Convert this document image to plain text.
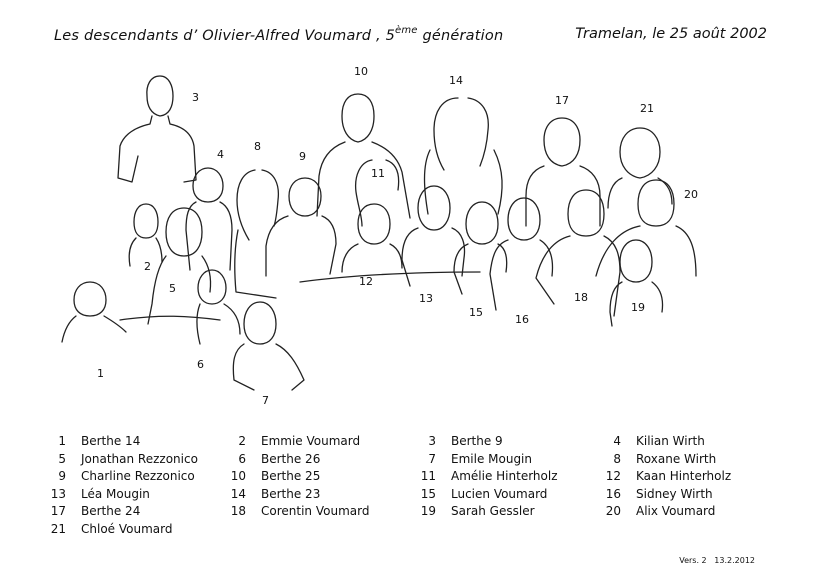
Les descendants d’ Olivier-Alfred Voumard , 5ème génération	Tramelan, le 25 août 2002
3
4
8
9
10
14
17
21
20
11
2
5
12
13
15
16
18
19
1
6
7
1 Berthe 14	2 Emmie Voumard	3 Berthe 9	4 Kilian Wirth
5 Jonathan Rezzonico	6 Berthe 26	7 Emile Mougin	8 Roxane Wirth
9 Charline Rezzonico	10 Berthe 25	11 Amélie Hinterholz	12 Kaan Hinterholz
13 Léa Mougin	14 Berthe 23	15 Lucien Voumard	16 Sidney Wirth
17 Berthe 24	18 Corentin Voumard	19 Sarah Gessler	20 Alix Voumard
21 Chloé Voumard
Vers. 2 13.2.2012
